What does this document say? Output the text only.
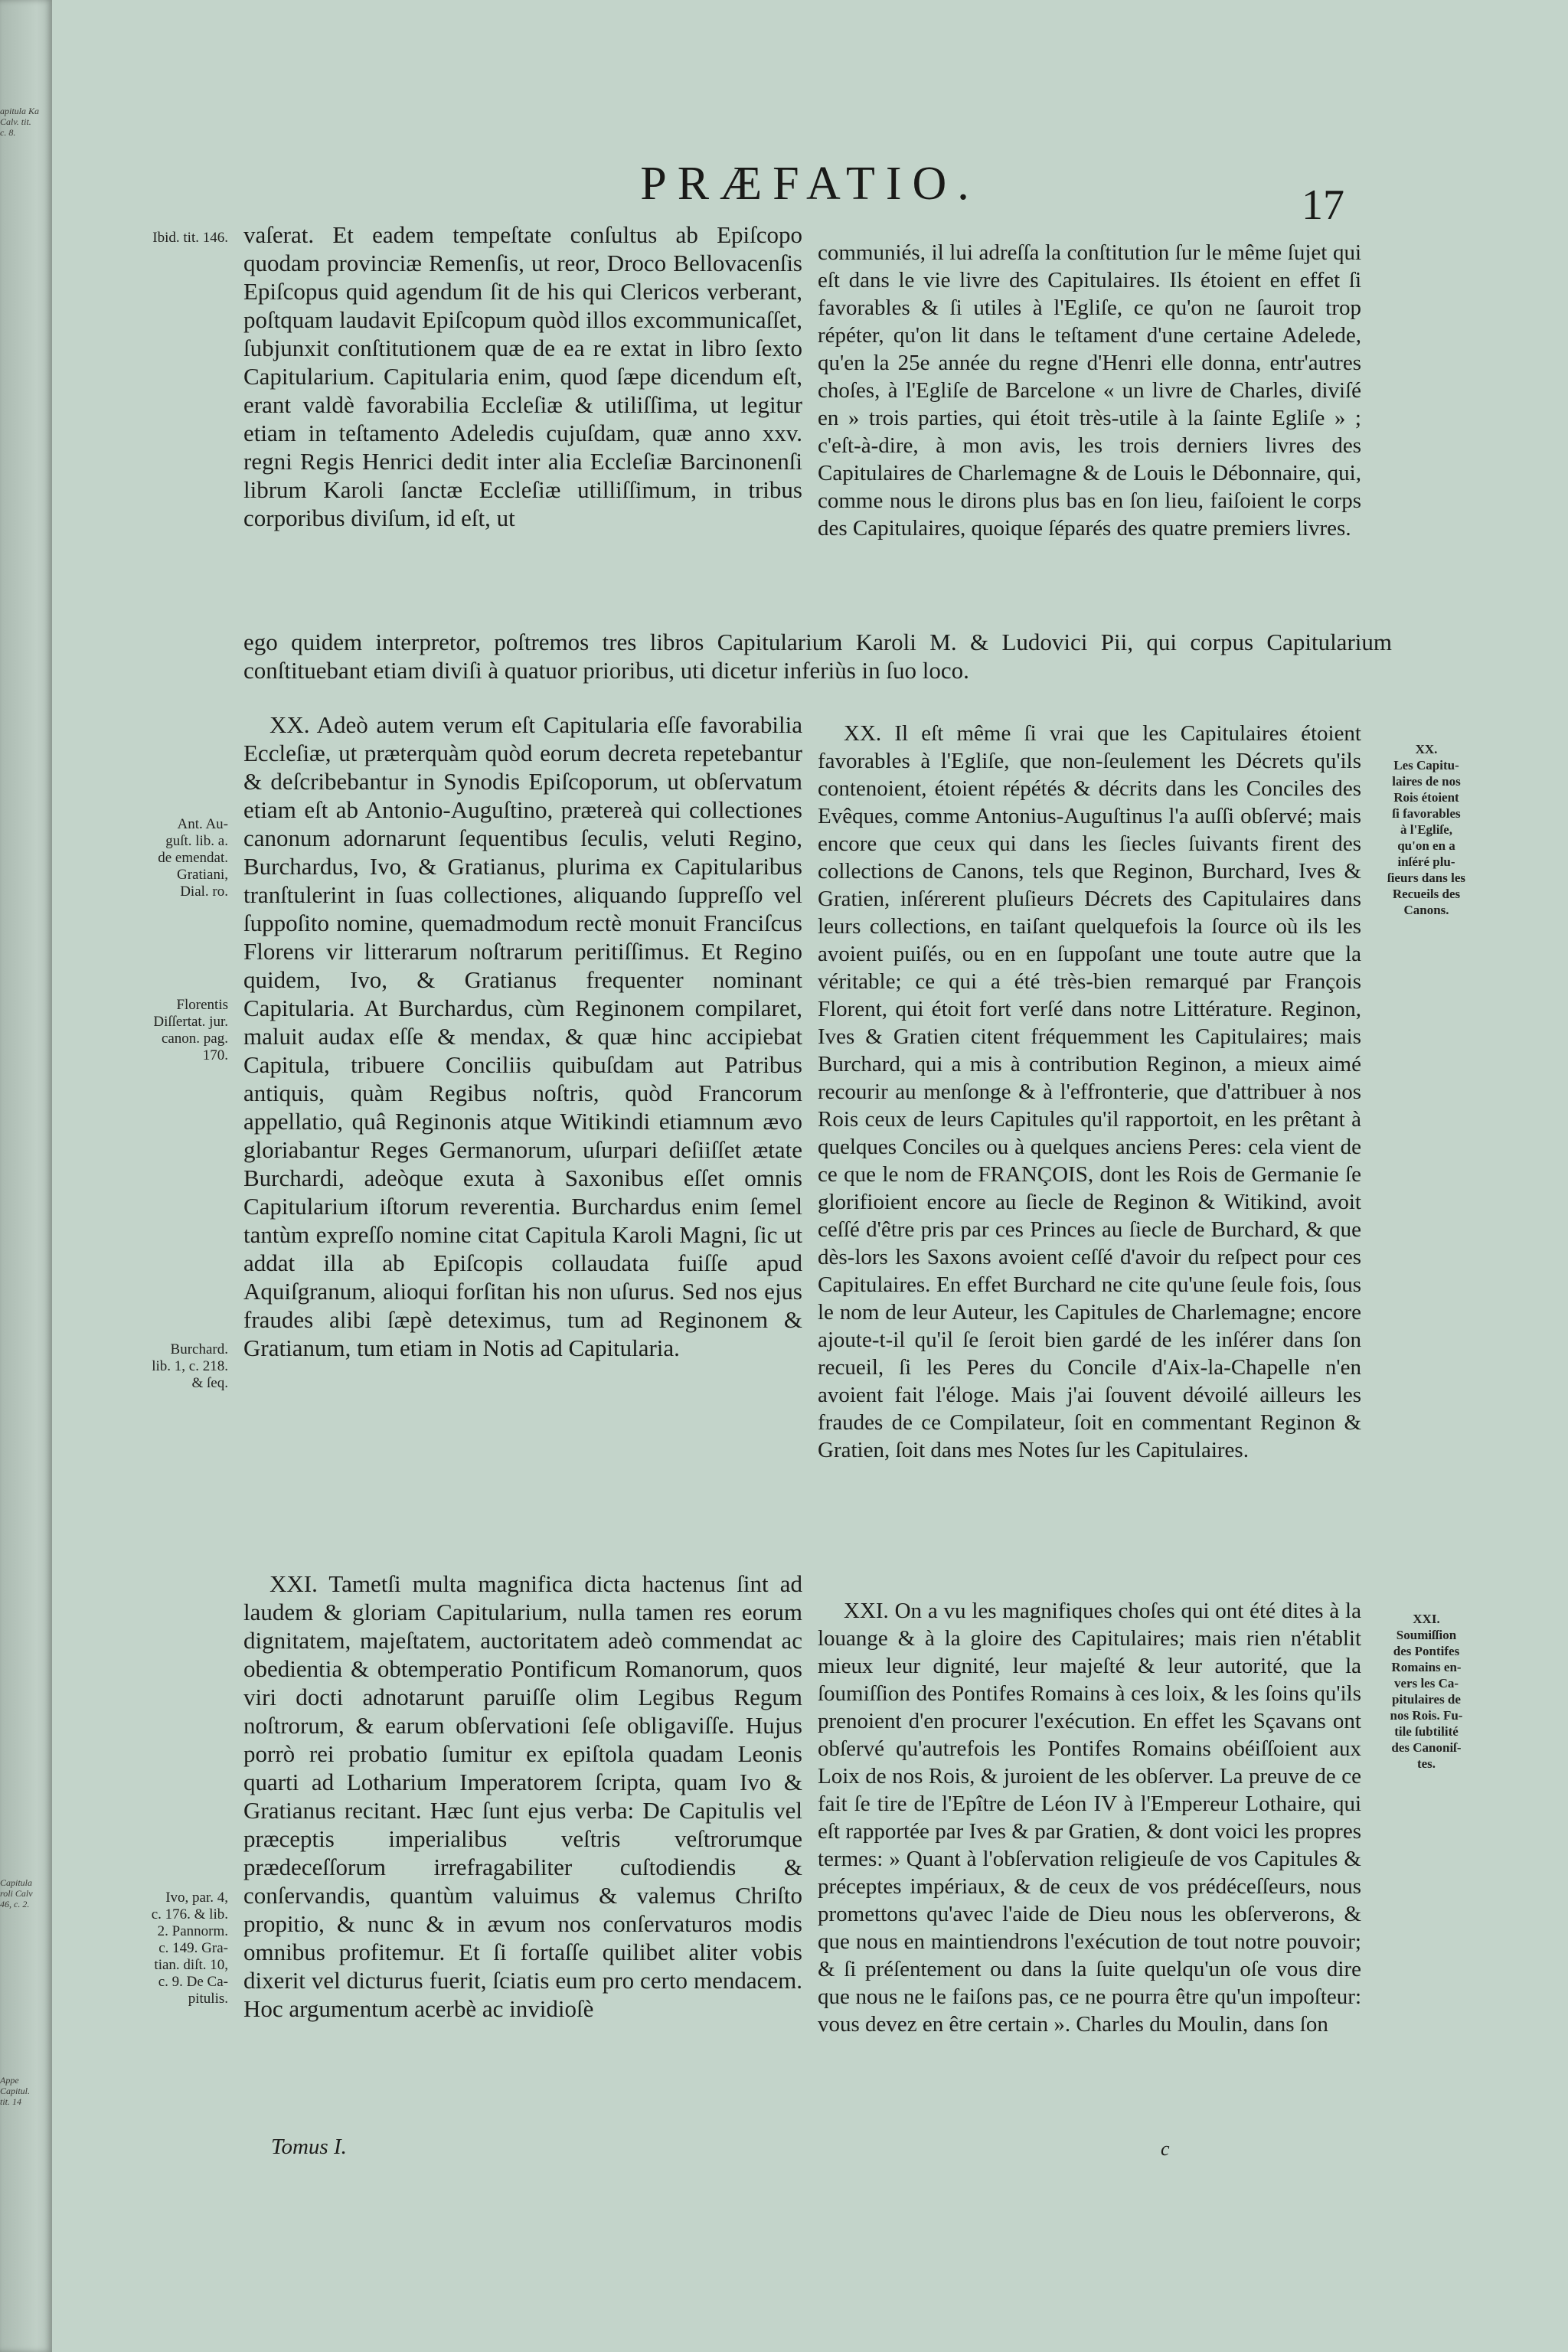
apitula Ka
Calv. tit.
c. 8.
Capitula
roli Calv
46, c. 2.
Appe
Capitul.
tit. 14
PRÆFATIO.	17
Ibid. tit. 146.
Ant. Au-
guſt. lib. a.
de emendat.
Gratiani,
Dial. ro.
Florentis
Diſſertat. jur.
canon. pag.
170.
Burchard.
lib. 1, c. 218.
& ſeq.
Ivo, par. 4,
c. 176. & lib.
2. Pannorm.
c. 149. Gra-
tian. diſt. 10,
c. 9. De Ca-
pitulis.
XX.
Les Capitu-
laires de nos
Rois étoient
ſi favorables
à l'Egliſe,
qu'on en a
inſéré plu-
ſieurs dans les
Recueils des
Canons.
XXI.
Soumiſſion
des Pontifes
Romains en-
vers les Ca-
pitulaires de
nos Rois. Fu-
tile ſubtilité
des Canoniſ-
tes.

vaſerat. Et eadem tempeſtate conſultus ab Epiſcopo quodam provinciæ Remenſis, ut reor, Droco Bellovacenſis Epiſcopus quid agendum ſit de his qui Clericos verberant, poſtquam laudavit Epiſcopum quòd illos excommunicaſſet, ſubjunxit conſtitutionem quæ de ea re extat in libro ſexto Capitularium. Capitularia enim, quod ſæpe dicendum eſt, erant valdè favorabilia Eccleſiæ & utiliſſima, ut legitur etiam in teſtamento Adeledis cujuſdam, quæ anno xxv. regni Regis Henrici dedit inter alia Eccleſiæ Barcinonenſi librum Karoli ſanctæ Eccleſiæ utilliſſimum, in tribus corporibus diviſum, id eſt, ut

communiés, il lui adreſſa la conſtitution ſur le même ſujet qui eſt dans le vie livre des Capitulaires. Ils étoient en effet ſi favorables & ſi utiles à l'Egliſe, ce qu'on ne ſauroit trop répéter, qu'on lit dans le teſtament d'une certaine Adelede, qu'en la 25e année du regne d'Henri elle donna, entr'autres choſes, à l'Egliſe de Barcelone « un livre de Charles, diviſé en » trois parties, qui étoit très-utile à la ſainte Egliſe » ; c'eſt-à-dire, à mon avis, les trois derniers livres des Capitulaires de Charlemagne & de Louis le Débonnaire, qui, comme nous le dirons plus bas en ſon lieu, faiſoient le corps des Capitulaires, quoique ſéparés des quatre premiers livres.

ego quidem interpretor, poſtremos tres libros Capitularium Karoli M. & Ludovici Pii, qui corpus Capitularium conſtituebant etiam diviſi à quatuor prioribus, uti dicetur inferiùs in ſuo loco.

XX. Adeò autem verum eſt Capitularia eſſe favorabilia Eccleſiæ, ut præterquàm quòd eorum decreta repetebantur & deſcribebantur in Synodis Epiſcoporum, ut obſervatum etiam eſt ab Antonio-Auguſtino, prætereà qui collectiones canonum adornarunt ſequentibus ſeculis, veluti Regino, Burchardus, Ivo, & Gratianus, plurima ex Capitularibus tranſtulerint in ſuas collectiones, aliquando ſuppreſſo vel ſuppoſito nomine, quemadmodum rectè monuit Franciſcus Florens vir litterarum noſtrarum peritiſſimus. Et Regino quidem, Ivo, & Gratianus frequenter nominant Capitularia. At Burchardus, cùm Reginonem compilaret, maluit audax eſſe & mendax, & quæ hinc accipiebat Capitula, tribuere Conciliis quibuſdam aut Patribus antiquis, quàm Regibus noſtris, quòd Francorum appellatio, quâ Reginonis atque Witikindi etiamnum ævo gloriabantur Reges Germanorum, uſurpari deſiiſſet ætate Burchardi, adeòque exuta à Saxonibus eſſet omnis Capitularium iſtorum reverentia. Burchardus enim ſemel tantùm expreſſo nomine citat Capitula Karoli Magni, ſic ut addat illa ab Epiſcopis collaudata fuiſſe apud Aquiſgranum, alioqui forſitan his non uſurus. Sed nos ejus fraudes alibi ſæpè deteximus, tum ad Reginonem & Gratianum, tum etiam in Notis ad Capitularia.

XX. Il eſt même ſi vrai que les Capitulaires étoient favorables à l'Egliſe, que non-ſeulement les Décrets qu'ils contenoient, étoient répétés & décrits dans les Conciles des Evêques, comme Antonius-Auguſtinus l'a auſſi obſervé; mais encore que ceux qui dans les ſiecles ſuivants firent des collections de Canons, tels que Reginon, Burchard, Ives & Gratien, inſérerent pluſieurs Décrets des Capitulaires dans leurs collections, en taiſant quelquefois la ſource où ils les avoient puiſés, ou en en ſuppoſant une toute autre que la véritable; ce qui a été très-bien remarqué par François Florent, qui étoit fort verſé dans notre Littérature. Reginon, Ives & Gratien citent fréquemment les Capitulaires; mais Burchard, qui a mis à contribution Reginon, a mieux aimé recourir au menſonge & à l'effronterie, que d'attribuer à nos Rois ceux de leurs Capitules qu'il rapportoit, en les prêtant à quelques Conciles ou à quelques anciens Peres: cela vient de ce que le nom de FRANÇOIS, dont les Rois de Germanie ſe glorifioient encore au ſiecle de Reginon & Witikind, avoit ceſſé d'être pris par ces Princes au ſiecle de Burchard, & que dès-lors les Saxons avoient ceſſé d'avoir du reſpect pour ces Capitulaires. En effet Burchard ne cite qu'une ſeule fois, ſous le nom de leur Auteur, les Capitules de Charlemagne; encore ajoute-t-il qu'il ſe ſeroit bien gardé de les inſérer dans ſon recueil, ſi les Peres du Concile d'Aix-la-Chapelle n'en avoient fait l'éloge. Mais j'ai ſouvent dévoilé ailleurs les fraudes de ce Compilateur, ſoit en commentant Reginon & Gratien, ſoit dans mes Notes ſur les Capitulaires.

XXI. Tametſi multa magnifica dicta hactenus ſint ad laudem & gloriam Capitularium, nulla tamen res eorum dignitatem, majeſtatem, auctoritatem adeò commendat ac obedientia & obtemperatio Pontificum Romanorum, quos viri docti adnotarunt paruiſſe olim Legibus Regum noſtrorum, & earum obſervationi ſeſe obligaviſſe. Hujus porrò rei probatio ſumitur ex epiſtola quadam Leonis quarti ad Lotharium Imperatorem ſcripta, quam Ivo & Gratianus recitant. Hæc ſunt ejus verba: De Capitulis vel præceptis imperialibus veſtris veſtrorumque prædeceſſorum irrefragabiliter cuſtodiendis & conſervandis, quantùm valuimus & valemus Chriſto propitio, & nunc & in ævum nos conſervaturos modis omnibus profitemur. Et ſi fortaſſe quilibet aliter vobis dixerit vel dicturus fuerit, ſciatis eum pro certo mendacem. Hoc argumentum acerbè ac invidioſè

XXI. On a vu les magnifiques choſes qui ont été dites à la louange & à la gloire des Capitulaires; mais rien n'établit mieux leur dignité, leur majeſté & leur autorité, que la ſoumiſſion des Pontifes Romains à ces loix, & les ſoins qu'ils prenoient d'en procurer l'exécution. En effet les Sçavans ont obſervé qu'autrefois les Pontifes Romains obéiſſoient aux Loix de nos Rois, & juroient de les obſerver. La preuve de ce fait ſe tire de l'Epître de Léon IV à l'Empereur Lothaire, qui eſt rapportée par Ives & par Gratien, & dont voici les propres termes: » Quant à l'obſervation religieuſe de vos Capitules & préceptes impériaux, & de ceux de vos prédéceſſeurs, nous promettons qu'avec l'aide de Dieu nous les obſerverons, & que nous en maintiendrons l'exécution de tout notre pouvoir; & ſi préſentement ou dans la ſuite quelqu'un oſe vous dire que nous ne le faiſons pas, ce ne pourra être qu'un impoſteur: vous devez en être certain ». Charles du Moulin, dans ſon

Tomus I.	c
